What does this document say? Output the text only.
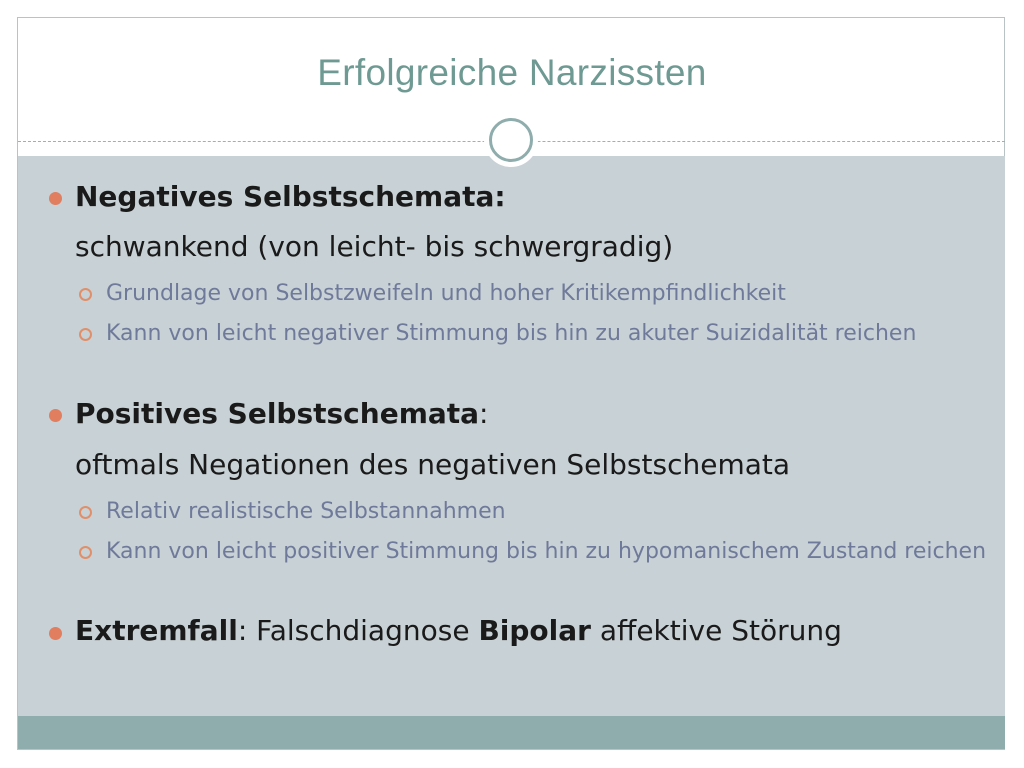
Erfolgreiche Narzissten
Negatives Selbstschemata:
schwankend (von leicht- bis schwergradig)
Grundlage von Selbstzweifeln und hoher Kritikempfindlichkeit
Kann von leicht negativer Stimmung bis hin zu akuter Suizidalität reichen
Positives Selbstschemata:
oftmals Negationen des negativen Selbstschemata
Relativ realistische Selbstannahmen
Kann von leicht positiver Stimmung bis hin zu hypomanischem Zustand reichen
Extremfall: Falschdiagnose Bipolar affektive Störung
